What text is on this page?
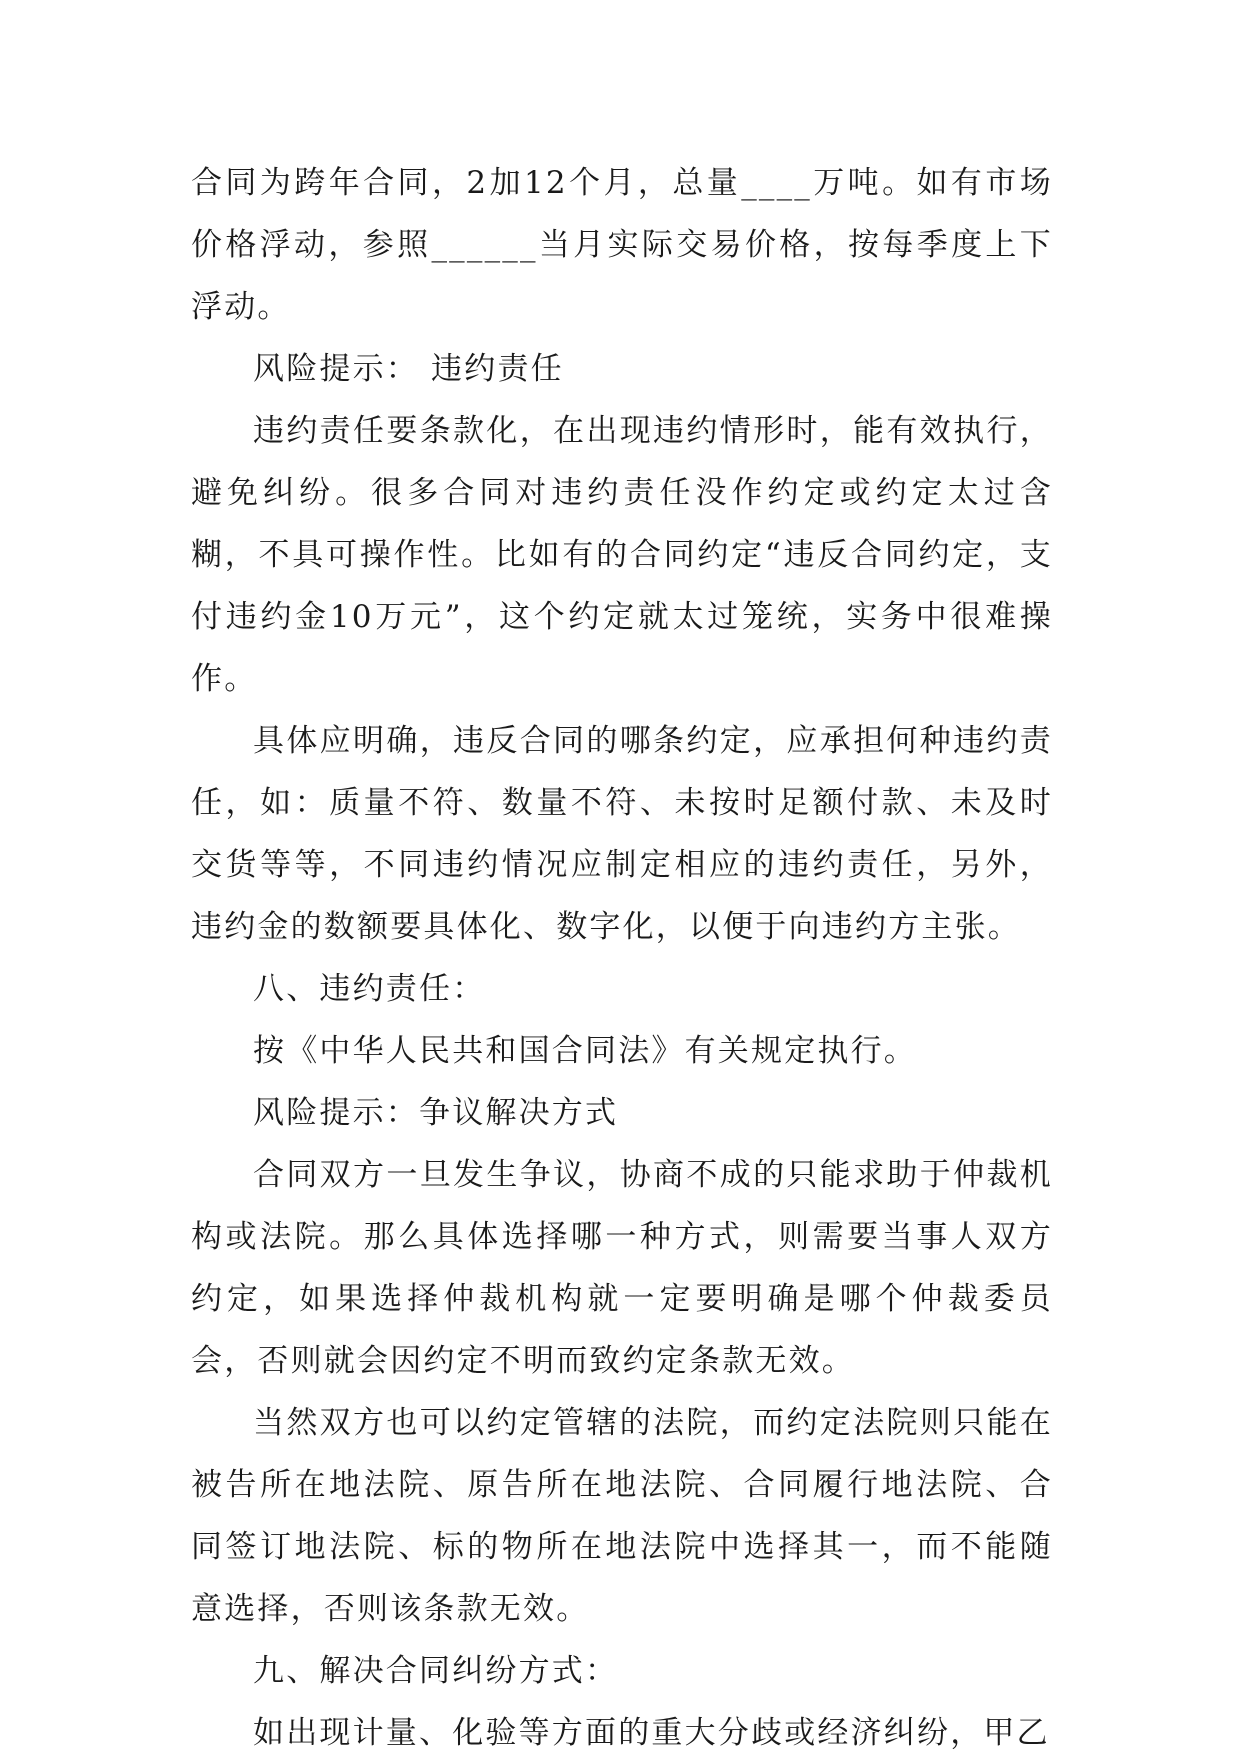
合同为跨年合同，2加12个月，总量____万吨。如有市场价格浮动，参照______当月实际交易价格，按每季度上下浮动。

风险提示： 违约责任

违约责任要条款化，在出现违约情形时，能有效执行，避免纠纷。很多合同对违约责任没作约定或约定太过含糊，不具可操作性。比如有的合同约定“违反合同约定，支付违约金10万元”，这个约定就太过笼统，实务中很难操作。

具体应明确，违反合同的哪条约定，应承担何种违约责任，如：质量不符、数量不符、未按时足额付款、未及时交货等等，不同违约情况应制定相应的违约责任，另外，违约金的数额要具体化、数字化，以便于向违约方主张。

八、违约责任：

按《中华人民共和国合同法》有关规定执行。

风险提示：争议解决方式

合同双方一旦发生争议，协商不成的只能求助于仲裁机构或法院。那么具体选择哪一种方式，则需要当事人双方约定，如果选择仲裁机构就一定要明确是哪个仲裁委员会，否则就会因约定不明而致约定条款无效。

当然双方也可以约定管辖的法院，而约定法院则只能在被告所在地法院、原告所在地法院、合同履行地法院、合同签订地法院、标的物所在地法院中选择其一，而不能随意选择，否则该条款无效。

九、解决合同纠纷方式：

如出现计量、化验等方面的重大分歧或经济纠纷，甲乙
